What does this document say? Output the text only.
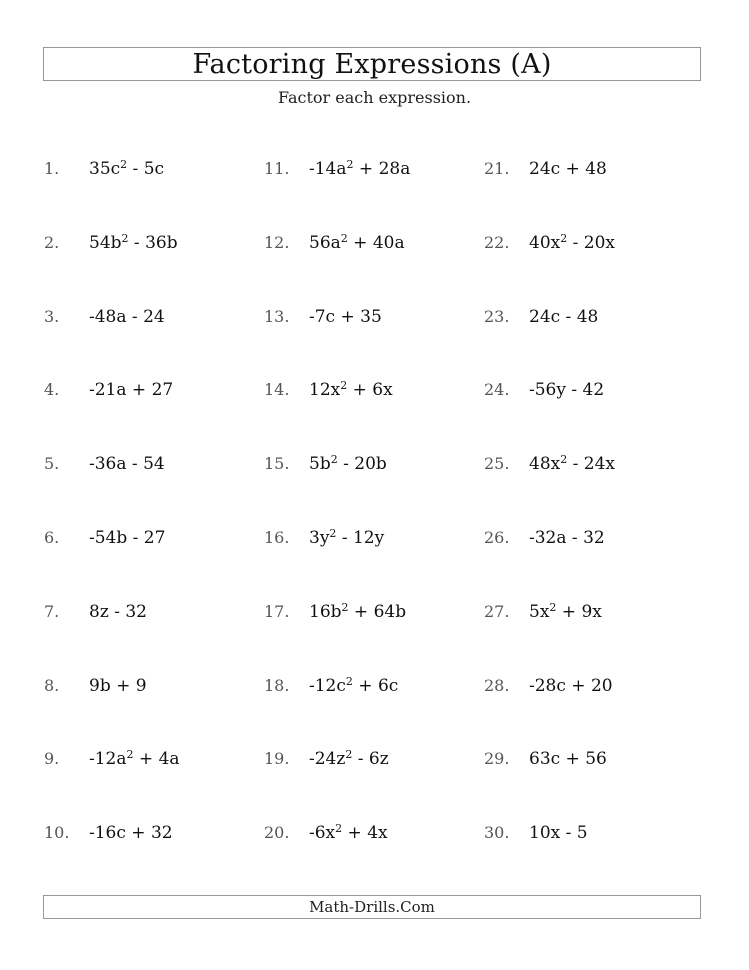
Factoring Expressions (A)
Factor each expression.
1. $35c^2 - 5c$
2. $54b^2 - 36b$
3. -48a - 24
4. -21a + 27
5. -36a - 54
6. -54b - 27
7. 8z - 32
8. 9b + 9
9. $-12a^2 + 4a$
10. -16c + 32
11. $-14a^2 + 28a$
12. $56a^2 + 40a$
13. -7c + 35
14. $12x^2 + 6x$
15. $5b^2 - 20b$
16. $3y^2 - 12y$
17. $16b^2 + 64b$
18. $-12c^2 + 6c$
19. $-24z^2 - 6z$
20. $-6x^2 + 4x$
21. 24c + 48
22. $40x^2 - 20x$
23. 24c - 48
24. -56y - 42
25. $48x^2 - 24x$
26. -32a - 32
27. $5x^2 + 9x$
28. -28c + 20
29. 63c + 56
30. 10x - 5
Math-Drills.Com
